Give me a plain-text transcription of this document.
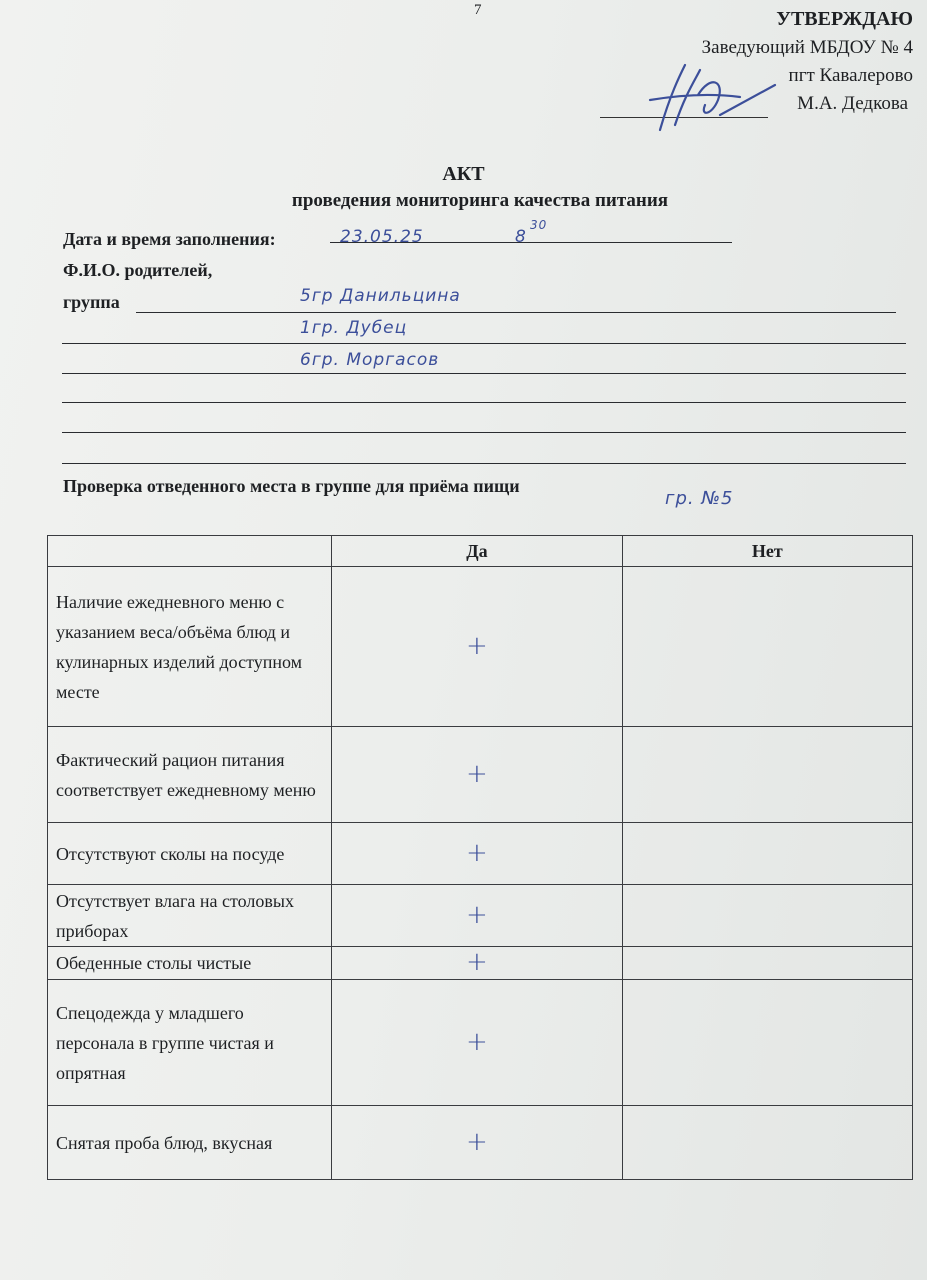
7	УТВЕРЖДАЮ
Заведующий МБДОУ № 4
пгт Кавалерово
М.А. Дедкова
АКТ
проведения мониторинга качества питания
Дата и время заполнения:	23.05.25	8
30
Ф.И.О. родителей,
группа	5гр Данильцина
1гр. Дубец
6гр. Моргасов
Проверка отведенного места в группе для приёма пищи
гр. №5
	Да	Нет
Наличие ежедневного меню с указанием веса/объёма блюд и кулинарных изделий доступном месте	+	
Фактический рацион питания соответствует ежедневному меню	+	
Отсутствуют сколы на посуде	+	
Отсутствует влага на столовых приборах	+	
Обеденные столы чистые	+	
Спецодежда у младшего персонала в группе чистая и опрятная	+	
Снятая проба блюд, вкусная	+	
